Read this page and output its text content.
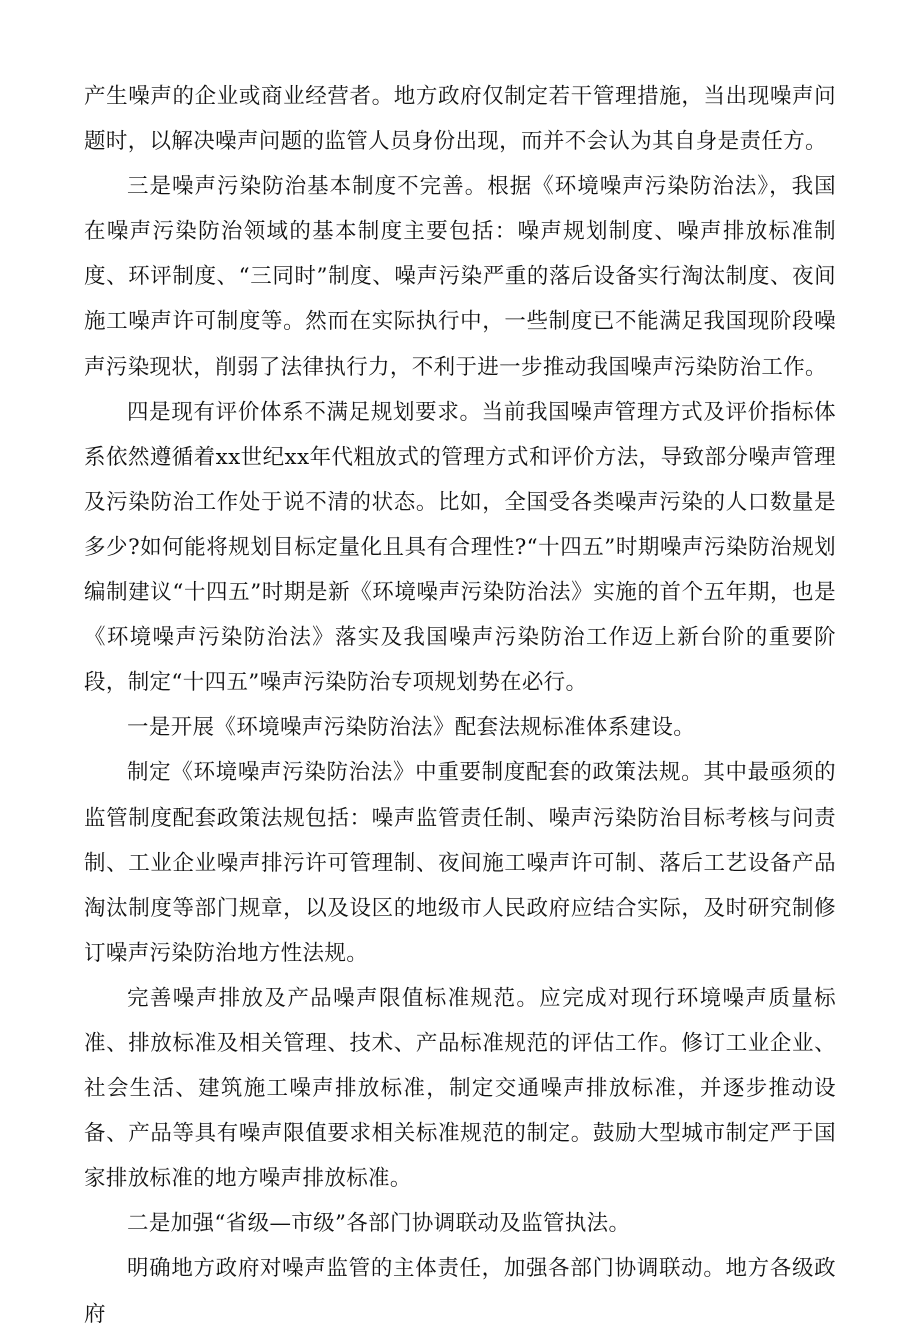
产生噪声的企业或商业经营者。地方政府仅制定若干管理措施，当出现噪声问题时，以解决噪声问题的监管人员身份出现，而并不会认为其自身是责任方。

三是噪声污染防治基本制度不完善。根据《环境噪声污染防治法》，我国在噪声污染防治领域的基本制度主要包括：噪声规划制度、噪声排放标准制度、环评制度、“三同时”制度、噪声污染严重的落后设备实行淘汰制度、夜间施工噪声许可制度等。然而在实际执行中，一些制度已不能满足我国现阶段噪声污染现状，削弱了法律执行力，不利于进一步推动我国噪声污染防治工作。

四是现有评价体系不满足规划要求。当前我国噪声管理方式及评价指标体系依然遵循着xx世纪xx年代粗放式的管理方式和评价方法，导致部分噪声管理及污染防治工作处于说不清的状态。比如，全国受各类噪声污染的人口数量是多少?如何能将规划目标定量化且具有合理性?“十四五”时期噪声污染防治规划编制建议“十四五”时期是新《环境噪声污染防治法》实施的首个五年期，也是《环境噪声污染防治法》落实及我国噪声污染防治工作迈上新台阶的重要阶段，制定“十四五”噪声污染防治专项规划势在必行。

一是开展《环境噪声污染防治法》配套法规标准体系建设。

制定《环境噪声污染防治法》中重要制度配套的政策法规。其中最亟须的监管制度配套政策法规包括：噪声监管责任制、噪声污染防治目标考核与问责制、工业企业噪声排污许可管理制、夜间施工噪声许可制、落后工艺设备产品淘汰制度等部门规章，以及设区的地级市人民政府应结合实际，及时研究制修订噪声污染防治地方性法规。

完善噪声排放及产品噪声限值标准规范。应完成对现行环境噪声质量标准、排放标准及相关管理、技术、产品标准规范的评估工作。修订工业企业、社会生活、建筑施工噪声排放标准，制定交通噪声排放标准，并逐步推动设备、产品等具有噪声限值要求相关标准规范的制定。鼓励大型城市制定严于国家排放标准的地方噪声排放标准。

二是加强“省级—市级”各部门协调联动及监管执法。

明确地方政府对噪声监管的主体责任，加强各部门协调联动。地方各级政府
